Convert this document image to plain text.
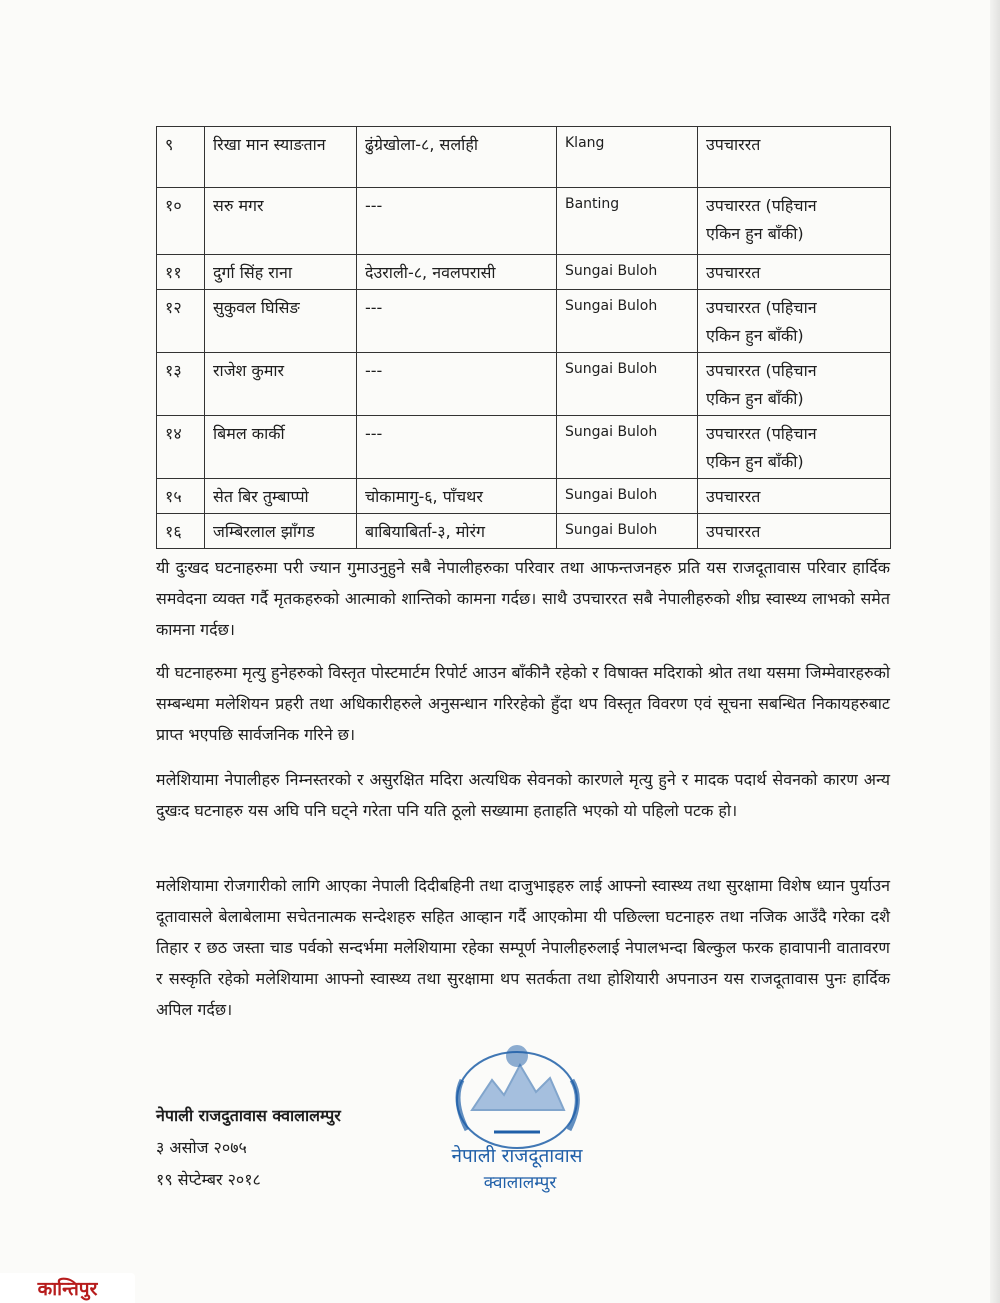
९	रिखा मान स्याङतान	ढुंग्रेखोला-८, सर्लाही	Klang	उपचाररत

१०	सरु मगर	---	Banting	उपचाररत (पहिचान
एकिन हुन बाँकी)

११	दुर्गा सिंह राना	देउराली-८, नवलपरासी	Sungai Buloh	उपचाररत

१२	सुकुवल घिसिङ	---	Sungai Buloh	उपचाररत (पहिचान
एकिन हुन बाँकी)

१३	राजेश कुमार	---	Sungai Buloh	उपचाररत (पहिचान
एकिन हुन बाँकी)

१४	बिमल कार्की	---	Sungai Buloh	उपचाररत (पहिचान
एकिन हुन बाँकी)

१५	सेत बिर तुम्बाप्पो	चोकामागु-६, पाँचथर	Sungai Buloh	उपचाररत

१६	जम्बिरलाल झाँगड	बाबियाबिर्ता-३, मोरंग	Sungai Buloh	उपचाररत

यी दुःखद घटनाहरुमा परी ज्यान गुमाउनुहुने सबै नेपालीहरुका परिवार तथा आफन्तजनहरु प्रति यस राजदूतावास परिवार हार्दिक समवेदना व्यक्त गर्दै मृतकहरुको आत्माको शान्तिको कामना गर्दछ। साथै उपचाररत सबै नेपालीहरुको शीघ्र स्वास्थ्य लाभको समेत कामना गर्दछ।

यी घटनाहरुमा मृत्यु हुनेहरुको विस्तृत पोस्टमार्टम रिपोर्ट आउन बाँकीनै रहेको र विषाक्त मदिराको श्रोत तथा यसमा जिम्मेवारहरुको सम्बन्धमा मलेशियन प्रहरी तथा अधिकारीहरुले अनुसन्धान गरिरहेको हुँदा थप विस्तृत विवरण एवं सूचना सबन्धित निकायहरुबाट प्राप्त भएपछि सार्वजनिक गरिने छ।

मलेशियामा नेपालीहरु निम्नस्तरको र असुरक्षित मदिरा अत्यधिक सेवनको कारणले मृत्यु हुने र मादक पदार्थ सेवनको कारण अन्य दुखःद घटनाहरु यस अघि पनि घट्ने गरेता पनि यति ठूलो सख्यामा हताहति भएको यो पहिलो पटक हो।

मलेशियामा रोजगारीको लागि आएका नेपाली दिदीबहिनी तथा दाजुभाइहरु लाई आफ्नो स्वास्थ्य तथा सुरक्षामा विशेष ध्यान पुर्याउन दूतावासले बेलाबेलामा सचेतनात्मक सन्देशहरु सहित आव्हान गर्दै आएकोमा यी पछिल्ला घटनाहरु तथा नजिक आउँदै गरेका दशै तिहार र छठ जस्ता चाड पर्वको सन्दर्भमा मलेशियामा रहेका सम्पूर्ण नेपालीहरुलाई नेपालभन्दा बिल्कुल फरक हावापानी वातावरण र सस्कृति रहेको मलेशियामा आफ्नो स्वास्थ्य तथा सुरक्षामा थप सतर्कता तथा होशियारी अपनाउन यस राजदूतावास पुनः हार्दिक अपिल गर्दछ।

नेपाली राजदुतावास क्वालालम्पुर
३ असोज २०७५
१९ सेप्टेम्बर २०१८
नेपाली राजदूतावास
क्वालालम्पुर
कान्तिपुर
